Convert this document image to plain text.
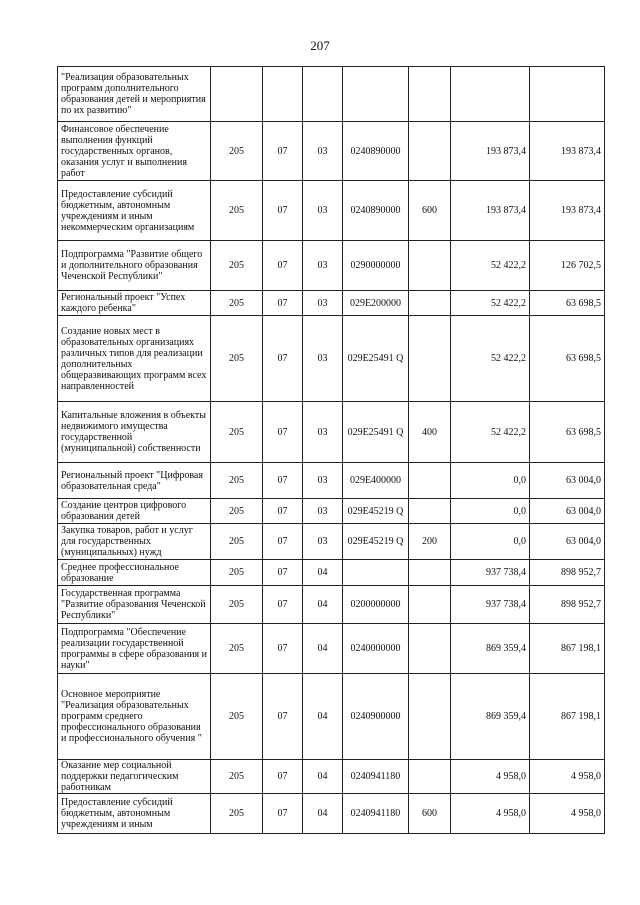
207
"Реализация образовательных программ дополнительного образования детей и мероприятия по их развитию"							
Финансовое обеспечение выполнения функций государственных органов, оказания услуг и выполнения работ	205	07	03	0240890000		193 873,4	193 873,4
Предоставление субсидий бюджетным, автономным учреждениям и иным некоммерческим организациям	205	07	03	0240890000	600	193 873,4	193 873,4
Подпрограмма "Развитие общего и дополнительного образования Чеченской Республики"	205	07	03	0290000000		52 422,2	126 702,5
Региональный проект "Успех каждого ребенка"	205	07	03	029E200000		52 422,2	63 698,5
Создание новых мест в образовательных организациях различных типов для реализации дополнительных общеразвивающих программ всех направленностей	205	07	03	029E25491 Q		52 422,2	63 698,5
Капитальные вложения в объекты недвижимого имущества государственной (муниципальной) собственности	205	07	03	029E25491 Q	400	52 422,2	63 698,5
Региональный проект "Цифровая образовательная среда"	205	07	03	029E400000		0,0	63 004,0
Создание центров цифрового образования детей	205	07	03	029E45219 Q		0,0	63 004,0
Закупка товаров, работ и услуг для государственных (муниципальных) нужд	205	07	03	029E45219 Q	200	0,0	63 004,0
Среднее профессиональное образование	205	07	04			937 738,4	898 952,7
Государственная программа "Развитие образования Чеченской Республики"	205	07	04	0200000000		937 738,4	898 952,7
Подпрограмма "Обеспечение реализации государственной программы в сфере образования и науки"	205	07	04	0240000000		869 359,4	867 198,1
Основное мероприятие "Реализация образовательных программ среднего профессионального образования и профессионального обучения "	205	07	04	0240900000		869 359,4	867 198,1
Оказание мер социальной поддержки педагогическим работникам	205	07	04	0240941180		4 958,0	4 958,0
Предоставление субсидий бюджетным, автономным учреждениям и иным	205	07	04	0240941180	600	4 958,0	4 958,0
